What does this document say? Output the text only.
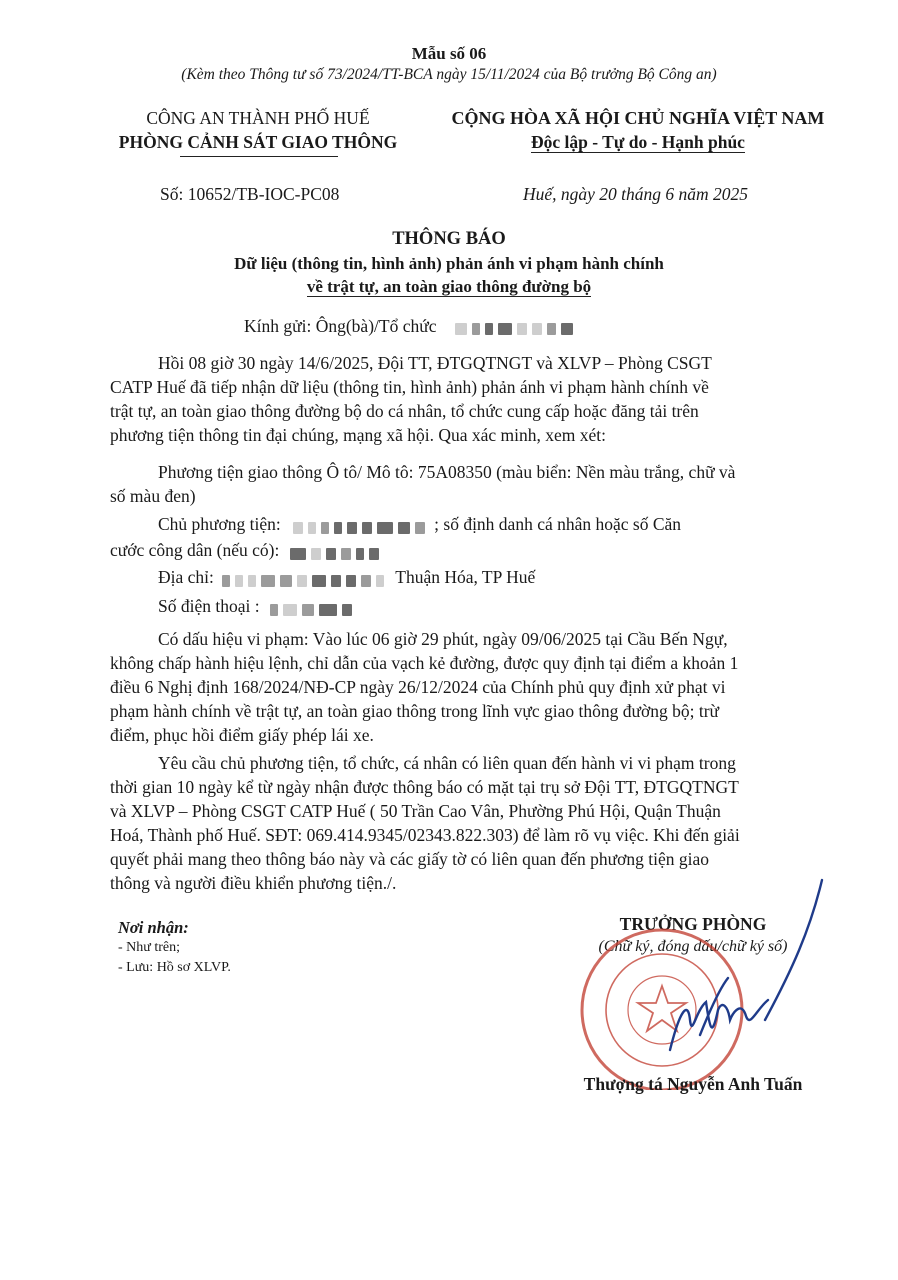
Mẫu số 06
(Kèm theo Thông tư số 73/2024/TT-BCA ngày 15/11/2024 của Bộ trưởng Bộ Công an)
CÔNG AN THÀNH PHỐ HUẾ
PHÒNG CẢNH SÁT GIAO THÔNG
CỘNG HÒA XÃ HỘI CHỦ NGHĨA VIỆT NAM
Độc lập - Tự do - Hạnh phúc
Số: 10652/TB-IOC-PC08	Huế, ngày 20 tháng 6 năm 2025
THÔNG BÁO
Dữ liệu (thông tin, hình ảnh) phản ánh vi phạm hành chính
về trật tự, an toàn giao thông đường bộ
Kính gửi: Ông(bà)/Tổ chức
Hồi 08 giờ 30 ngày 14/6/2025, Đội TT, ĐTGQTNGT và XLVP – Phòng CSGT
CATP Huế đã tiếp nhận dữ liệu (thông tin, hình ảnh) phản ánh vi phạm hành chính về
trật tự, an toàn giao thông đường bộ do cá nhân, tổ chức cung cấp hoặc đăng tải trên
phương tiện thông tin đại chúng, mạng xã hội. Qua xác minh, xem xét:
Phương tiện giao thông Ô tô/ Mô tô: 75A08350 (màu biển: Nền màu trắng, chữ và
số màu đen)
Chủ phương tiện:	; số định danh cá nhân hoặc số Căn
cước công dân (nếu có):
Địa chỉ:	Thuận Hóa, TP Huế
Số điện thoại :
Có dấu hiệu vi phạm: Vào lúc 06 giờ 29 phút, ngày 09/06/2025 tại Cầu Bến Ngự,
không chấp hành hiệu lệnh, chỉ dẫn của vạch kẻ đường, được quy định tại điểm a khoản 1
điều 6 Nghị định 168/2024/NĐ-CP ngày 26/12/2024 của Chính phủ quy định xử phạt vi
phạm hành chính về trật tự, an toàn giao thông trong lĩnh vực giao thông đường bộ; trừ
điểm, phục hồi điểm giấy phép lái xe.
Yêu cầu chủ phương tiện, tổ chức, cá nhân có liên quan đến hành vi vi phạm trong
thời gian 10 ngày kể từ ngày nhận được thông báo có mặt tại trụ sở Đội TT, ĐTGQTNGT
và XLVP – Phòng CSGT CATP Huế ( 50 Trần Cao Vân, Phường Phú Hội, Quận Thuận
Hoá, Thành phố Huế. SĐT: 069.414.9345/02343.822.303) để làm rõ vụ việc. Khi đến giải
quyết phải mang theo thông báo này và các giấy tờ có liên quan đến phương tiện giao
thông và người điều khiển phương tiện./.
Nơi nhận:
- Như trên;
- Lưu: Hồ sơ XLVP.
TRƯỞNG PHÒNG
(Chữ ký, đóng dấu/chữ ký số)
Thượng tá Nguyễn Anh Tuấn
